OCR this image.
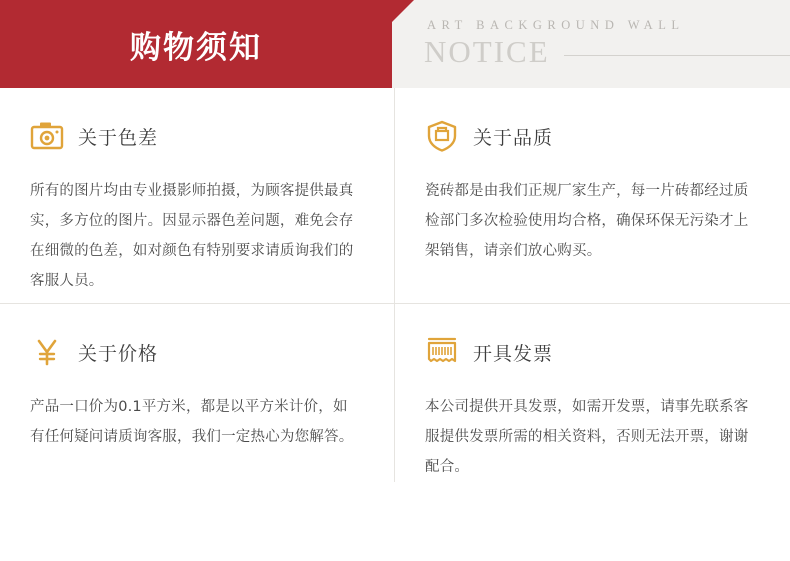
购物须知
ART BACKGROUND WALL
NOTICE
关于色差
所有的图片均由专业摄影师拍摄，为顾客提供最真实，多方位的图片。因显示器色差问题，难免会存在细微的色差，如对颜色有特别要求请质询我们的客服人员。
关于品质
瓷砖都是由我们正规厂家生产，每一片砖都经过质检部门多次检验使用均合格，确保环保无污染才上架销售，请亲们放心购买。
关于价格
产品一口价为0.1平方米，都是以平方米计价，如有任何疑问请质询客服，我们一定热心为您解答。
开具发票
本公司提供开具发票，如需开发票，请事先联系客服提供发票所需的相关资料，否则无法开票，谢谢配合。
